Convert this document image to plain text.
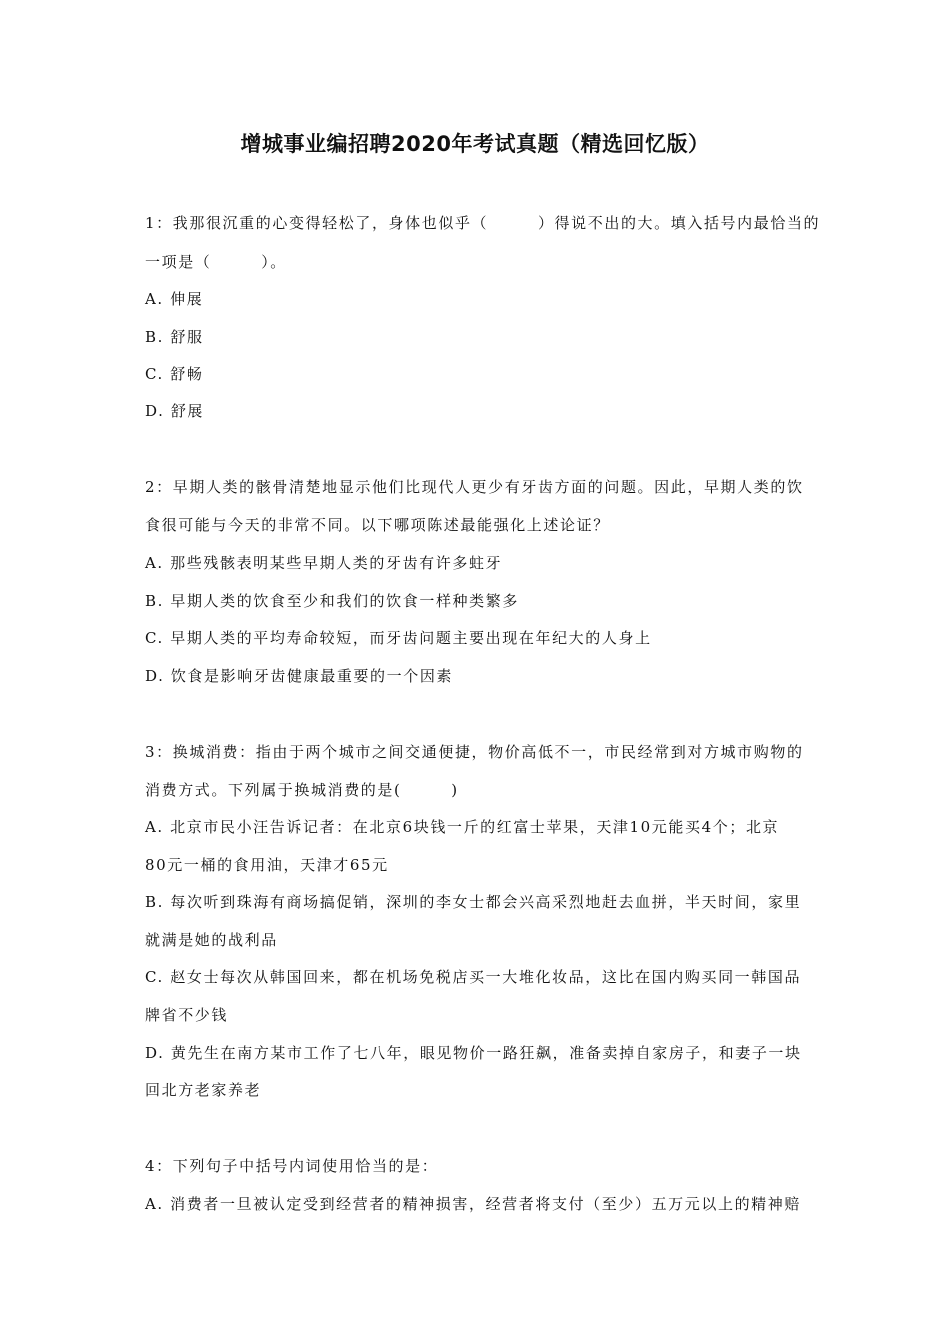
增城事业编招聘2020年考试真题（精选回忆版）
1：我那很沉重的心变得轻松了，身体也似乎（　　　）得说不出的大。填入括号内最恰当的
一项是（　　　）。
A. 伸展
B. 舒服
C. 舒畅
D. 舒展
2：早期人类的骸骨清楚地显示他们比现代人更少有牙齿方面的问题。因此，早期人类的饮
食很可能与今天的非常不同。以下哪项陈述最能强化上述论证？
A. 那些残骸表明某些早期人类的牙齿有许多蛀牙
B. 早期人类的饮食至少和我们的饮食一样种类繁多
C. 早期人类的平均寿命较短，而牙齿问题主要出现在年纪大的人身上
D. 饮食是影响牙齿健康最重要的一个因素
3：换城消费：指由于两个城市之间交通便捷，物价高低不一，市民经常到对方城市购物的
消费方式。下列属于换城消费的是(　　　)
A. 北京市民小汪告诉记者：在北京6块钱一斤的红富士苹果，天津10元能买4个；北京
80元一桶的食用油，天津才65元
B. 每次听到珠海有商场搞促销，深圳的李女士都会兴高采烈地赶去血拼，半天时间，家里
就满是她的战利品
C. 赵女士每次从韩国回来，都在机场免税店买一大堆化妆品，这比在国内购买同一韩国品
牌省不少钱
D. 黄先生在南方某市工作了七八年，眼见物价一路狂飙，准备卖掉自家房子，和妻子一块
回北方老家养老
4：下列句子中括号内词使用恰当的是：
A. 消费者一旦被认定受到经营者的精神损害，经营者将支付（至少）五万元以上的精神赔
